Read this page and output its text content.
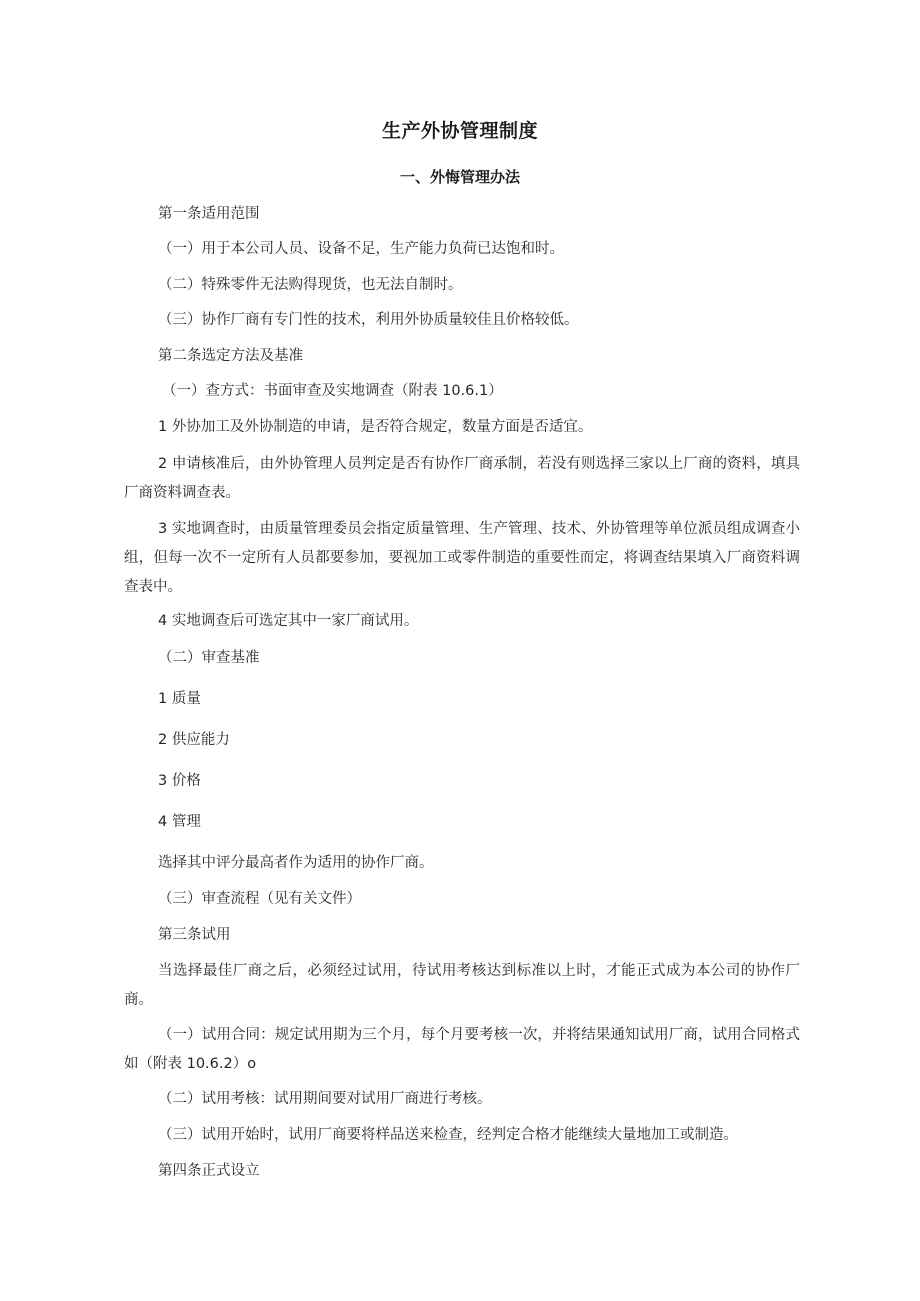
生产外协管理制度
一、外悔管理办法
第一条适用范围
（一）用于本公司人员、设备不足，生产能力负荷已达饱和时。
（二）特殊零件无法购得现货，也无法自制时。
（三）协作厂商有专门性的技术，利用外协质量较佳且价格较低。
第二条选定方法及基准
（一）查方式：书面审查及实地调查（附表 10.6.1）
1 外协加工及外协制造的申请，是否符合规定，数量方面是否适宜。
2 申请核准后，由外协管理人员判定是否有协作厂商承制，若没有则选择三家以上厂商的资料，填具厂商资料调查表。
3 实地调查时，由质量管理委员会指定质量管理、生产管理、技术、外协管理等单位派员组成调查小组，但每一次不一定所有人员都要参加，要视加工或零件制造的重要性而定，将调查结果填入厂商资料调查表中。
4 实地调查后可选定其中一家厂商试用。
（二）审查基准
1 质量
2 供应能力
3 价格
4 管理
选择其中评分最高者作为适用的协作厂商。
（三）审查流程（见有关文件）
第三条试用
当选择最佳厂商之后，必须经过试用，待试用考核达到标准以上时，才能正式成为本公司的协作厂商。
（一）试用合同：规定试用期为三个月，每个月要考核一次，并将结果通知试用厂商，试用合同格式如（附表 10.6.2）o
（二）试用考核：试用期间要对试用厂商进行考核。
（三）试用开始时，试用厂商要将样品送来检查，经判定合格才能继续大量地加工或制造。
第四条正式设立
